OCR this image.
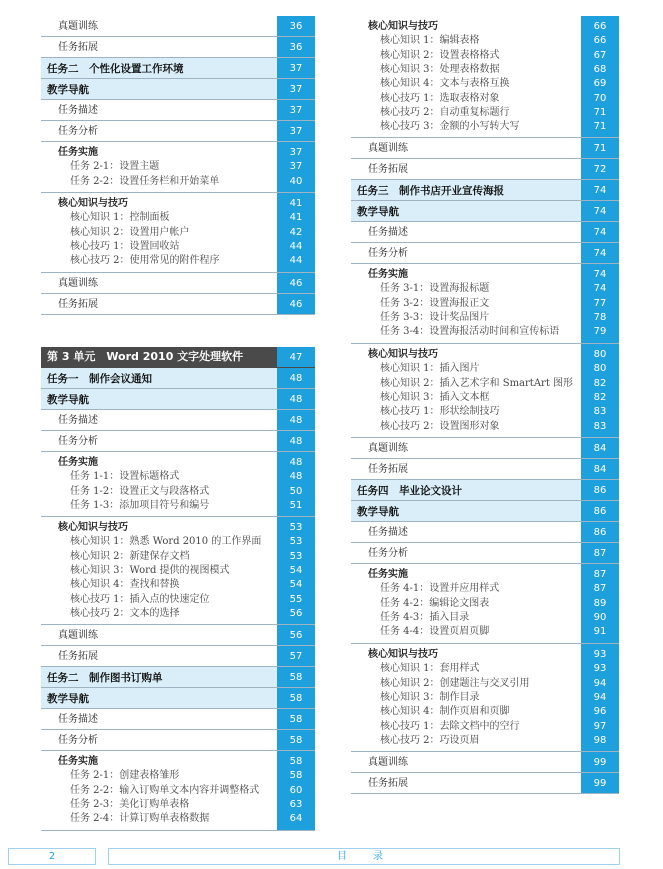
真题训练	36
任务拓展	36
任务二　个性化设置工作环境	37
教学导航	37
任务描述	37
任务分析	37
任务实施	37
任务 2-1：设置主题	37
任务 2-2：设置任务栏和开始菜单	40
核心知识与技巧	41
核心知识 1：控制面板	41
核心知识 2：设置用户帐户	42
核心技巧 1：设置回收站	44
核心技巧 2：使用常见的附件程序	44
真题训练	46
任务拓展	46
第 3 单元　Word 2010 文字处理软件	47
任务一　制作会议通知	48
教学导航	48
任务描述	48
任务分析	48
任务实施	48
任务 1-1：设置标题格式	48
任务 1-2：设置正文与段落格式	50
任务 1-3：添加项目符号和编号	51
核心知识与技巧	53
核心知识 1：熟悉 Word 2010 的工作界面	53
核心知识 2：新建保存文档	53
核心知识 3：Word 提供的视图模式	54
核心知识 4：查找和替换	54
核心技巧 1：插入点的快速定位	55
核心技巧 2：文本的选择	56
真题训练	56
任务拓展	57
任务二　制作图书订购单	58
教学导航	58
任务描述	58
任务分析	58
任务实施	58
任务 2-1：创建表格雏形	58
任务 2-2：输入订购单文本内容并调整格式	60
任务 2-3：美化订购单表格	63
任务 2-4：计算订购单表格数据	64
核心知识与技巧	66
核心知识 1：编辑表格	66
核心知识 2：设置表格格式	67
核心知识 3：处理表格数据	68
核心知识 4：文本与表格互换	69
核心技巧 1：选取表格对象	70
核心技巧 2：自动重复标题行	71
核心技巧 3：金额的小写转大写	71
真题训练	71
任务拓展	72
任务三　制作书店开业宣传海报	74
教学导航	74
任务描述	74
任务分析	74
任务实施	74
任务 3-1：设置海报标题	74
任务 3-2：设置海报正文	77
任务 3-3：设计奖品图片	78
任务 3-4：设置海报活动时间和宣传标语	79
核心知识与技巧	80
核心知识 1：插入图片	80
核心知识 2：插入艺术字和 SmartArt 图形	82
核心知识 3：插入文本框	82
核心技巧 1：形状绘制技巧	83
核心技巧 2：设置图形对象	83
真题训练	84
任务拓展	84
任务四　毕业论文设计	86
教学导航	86
任务描述	86
任务分析	87
任务实施	87
任务 4-1：设置并应用样式	87
任务 4-2：编辑论文图表	89
任务 4-3：插入目录	90
任务 4-4：设置页眉页脚	91
核心知识与技巧	93
核心知识 1：套用样式	93
核心知识 2：创建题注与交叉引用	94
核心知识 3：制作目录	94
核心知识 4：制作页眉和页脚	96
核心技巧 1：去除文档中的空行	97
核心技巧 2：巧设页眉	98
真题训练	99
任务拓展	99
2	目　录
